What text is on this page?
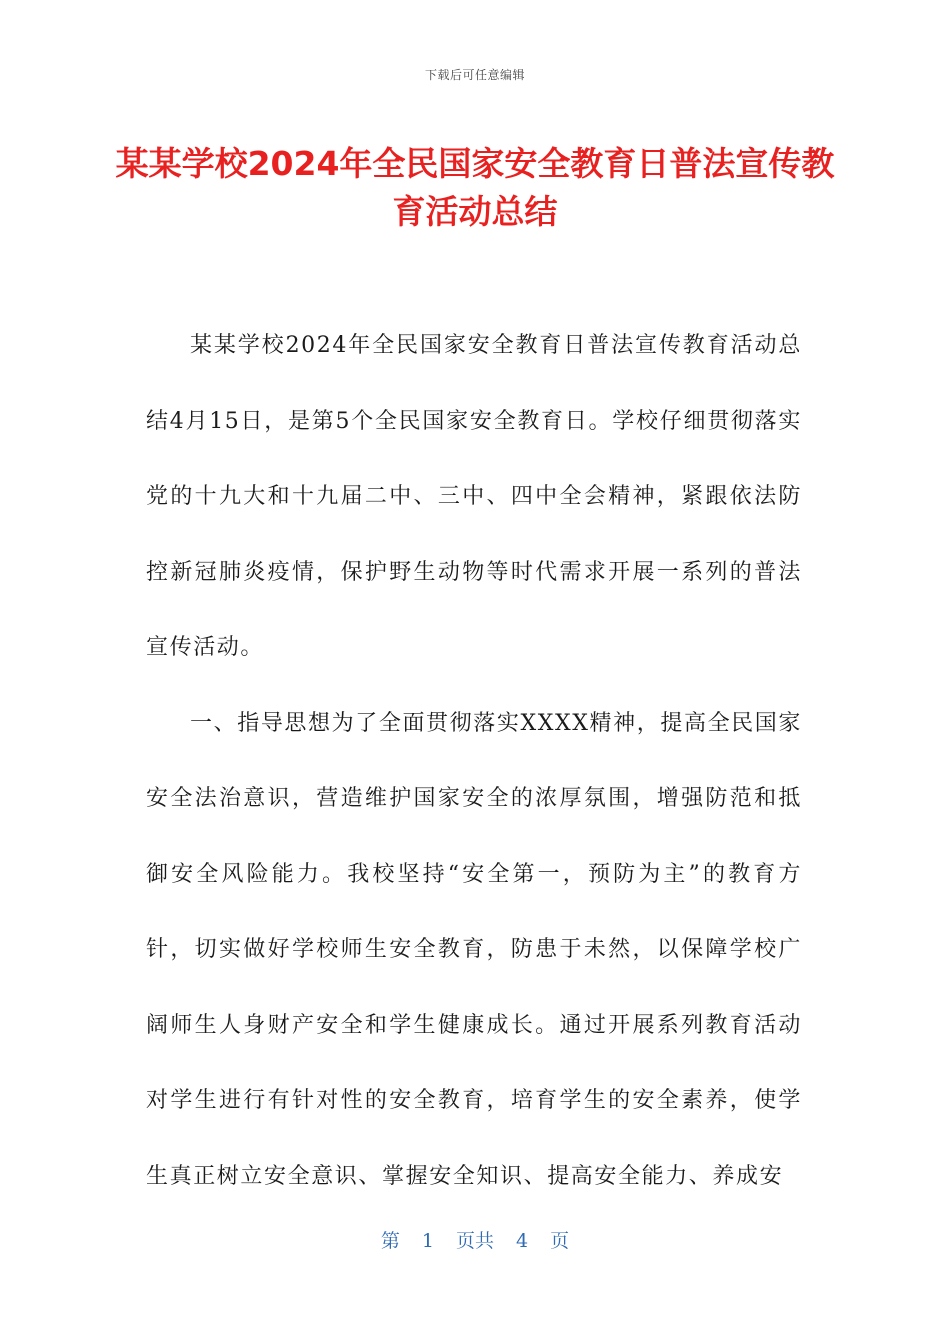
下载后可任意编辑
某某学校2024年全民国家安全教育日普法宣传教育活动总结

某某学校2024年全民国家安全教育日普法宣传教育活动总结4月15日，是第5个全民国家安全教育日。学校仔细贯彻落实党的十九大和十九届二中、三中、四中全会精神，紧跟依法防控新冠肺炎疫情，保护野生动物等时代需求开展一系列的普法宣传活动。

一、指导思想为了全面贯彻落实XXXX精神，提高全民国家安全法治意识，营造维护国家安全的浓厚氛围，增强防范和抵御安全风险能力。我校坚持“安全第一，预防为主”的教育方针，切实做好学校师生安全教育，防患于未然，以保障学校广阔师生人身财产安全和学生健康成长。通过开展系列教育活动对学生进行有针对性的安全教育，培育学生的安全素养，使学生真正树立安全意识、掌握安全知识、提高安全能力、养成安

第 1 页共 4 页
